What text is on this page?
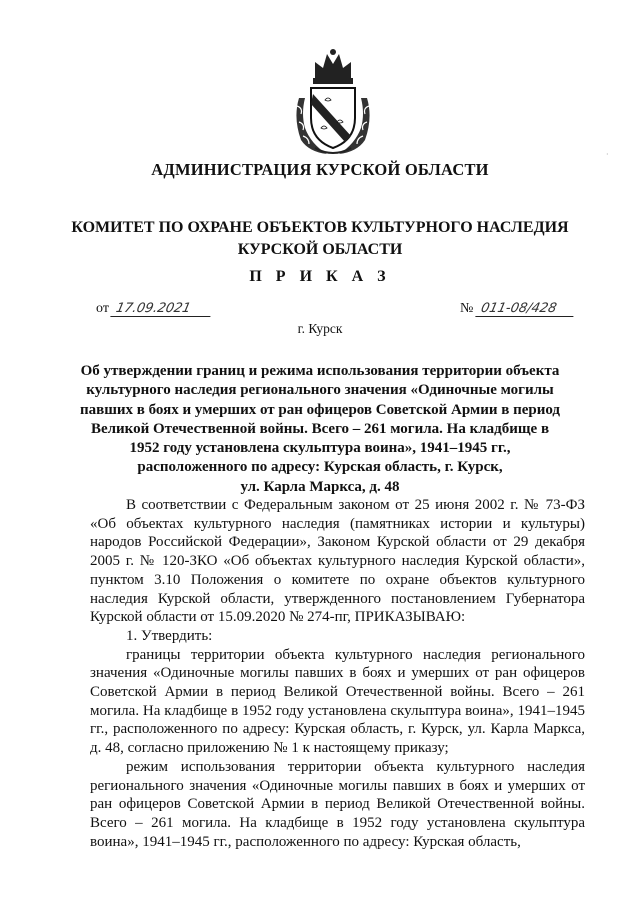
АДМИНИСТРАЦИЯ КУРСКОЙ ОБЛАСТИ
КОМИТЕТ ПО ОХРАНЕ ОБЪЕКТОВ КУЛЬТУРНОГО НАСЛЕДИЯ
КУРСКОЙ ОБЛАСТИ
П Р И К А З
от 17.09.2021	№ 011-08/428
г. Курск
Об утверждении границ и режима использования территории объекта
культурного наследия регионального значения «Одиночные могилы
павших в боях и умерших от ран офицеров Советской Армии в период
Великой Отечественной войны. Всего – 261 могила. На кладбище в
1952 году установлена скульптура воина», 1941–1945 гг.,
расположенного по адресу: Курская область, г. Курск,
ул. Карла Маркса, д. 48

В соответствии с Федеральным законом от 25 июня 2002 г. № 73-ФЗ «Об объектах культурного наследия (памятниках истории и культуры) народов Российской Федерации», Законом Курской области от 29 декабря 2005 г. № 120-ЗКО «Об объектах культурного наследия Курской области», пунктом 3.10 Положения о комитете по охране объектов культурного наследия Курской области, утвержденного постановлением Губернатора Курской области от 15.09.2020 № 274-пг, ПРИКАЗЫВАЮ:

1. Утвердить:

границы территории объекта культурного наследия регионального значения «Одиночные могилы павших в боях и умерших от ран офицеров Советской Армии в период Великой Отечественной войны. Всего – 261 могила. На кладбище в 1952 году установлена скульптура воина», 1941–1945 гг., расположенного по адресу: Курская область, г. Курск, ул. Карла Маркса, д. 48, согласно приложению № 1 к настоящему приказу;

режим использования территории объекта культурного наследия регионального значения «Одиночные могилы павших в боях и умерших от ран офицеров Советской Армии в период Великой Отечественной войны. Всего – 261 могила. На кладбище в 1952 году установлена скульптура воина», 1941–1945 гг., расположенного по адресу: Курская область,

·
